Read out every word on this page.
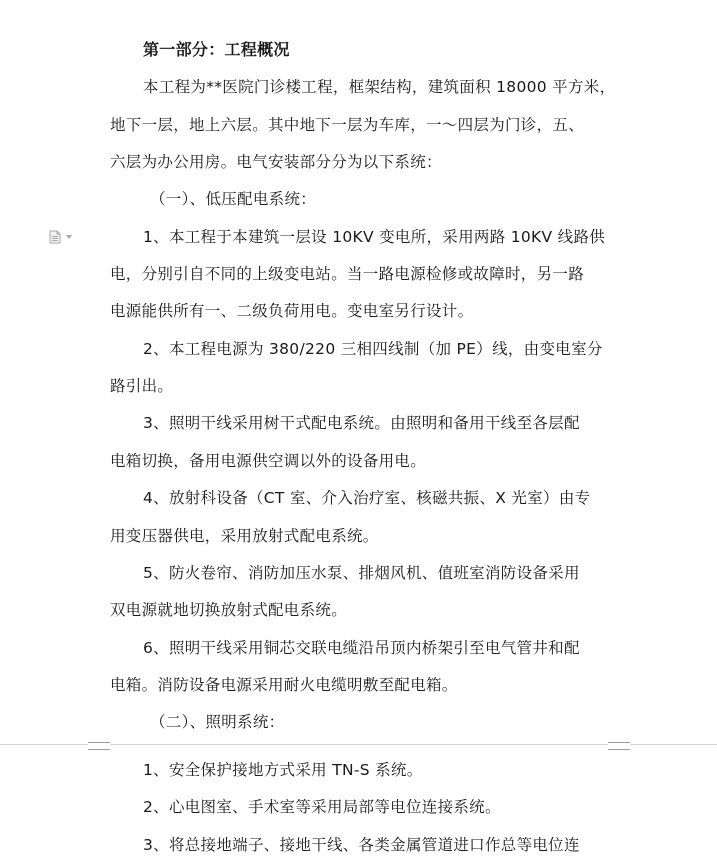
第一部分：工程概况
本工程为**医院门诊楼工程，框架结构，建筑面积 18000 平方米，
地下一层，地上六层。其中地下一层为车库，一～四层为门诊，五、
六层为办公用房。电气安装部分分为以下系统：
（一）、低压配电系统：
1、本工程于本建筑一层设 10KV 变电所，采用两路 10KV 线路供
电，分别引自不同的上级变电站。当一路电源检修或故障时，另一路
电源能供所有一、二级负荷用电。变电室另行设计。
2、本工程电源为 380/220 三相四线制（加 PE）线，由变电室分
路引出。
3、照明干线采用树干式配电系统。由照明和备用干线至各层配
电箱切换，备用电源供空调以外的设备用电。
4、放射科设备（CT 室、介入治疗室、核磁共振、X 光室）由专
用变压器供电，采用放射式配电系统。
5、防火卷帘、消防加压水泵、排烟风机、值班室消防设备采用
双电源就地切换放射式配电系统。
6、照明干线采用铜芯交联电缆沿吊顶内桥架引至电气管井和配
电箱。消防设备电源采用耐火电缆明敷至配电箱。
（二）、照明系统：
1、安全保护接地方式采用 TN-S 系统。
2、心电图室、手术室等采用局部等电位连接系统。
3、将总接地端子、接地干线、各类金属管道进口作总等电位连
